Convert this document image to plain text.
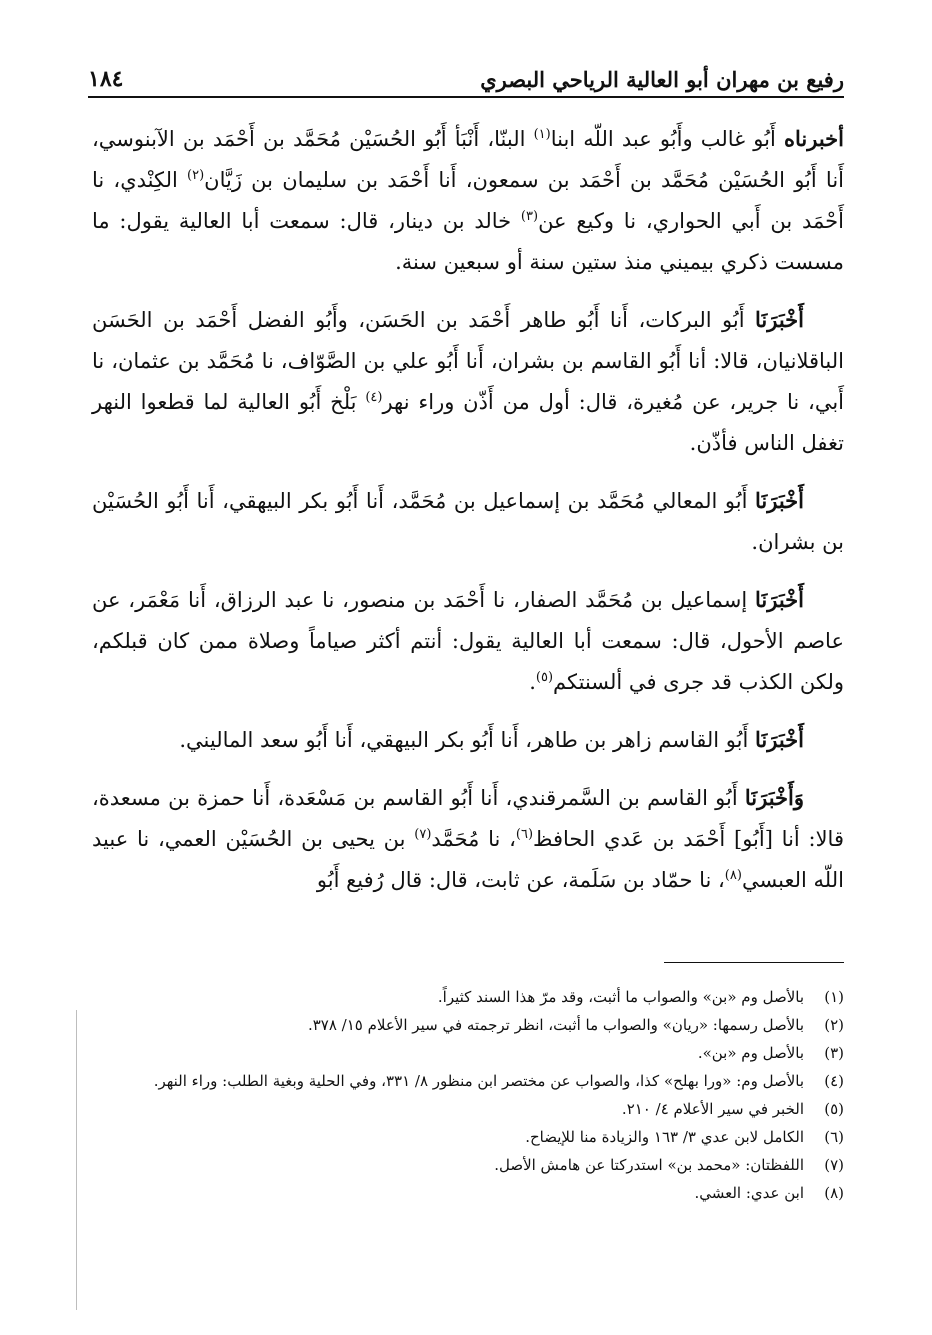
رفيع بن مهران أبو العالية الرياحي البصري
١٨٤

أخبرناه أَبُو غالب وأَبُو عبد اللّه ابنا$^{(١)}$ البنّا، أَنْبَأ أَبُو الحُسَيْن مُحَمَّد بن أَحْمَد بن الآبنوسي، أَنا أَبُو الحُسَيْن مُحَمَّد بن أَحْمَد بن سمعون، أَنا أَحْمَد بن سليمان بن زَيَّان$^{(٢)}$ الكِنْدي، نا أَحْمَد بن أَبي الحواري، نا وكيع عن$^{(٣)}$ خالد بن دينار، قال: سمعت أبا العالية يقول: ما مسست ذكري بيميني منذ ستين سنة أو سبعين سنة.

أَخْبَرَنَا أَبُو البركات، أَنا أَبُو طاهر أَحْمَد بن الحَسَن، وأَبُو الفضل أَحْمَد بن الحَسَن الباقلانيان، قالا: أنا أَبُو القاسم بن بشران، أَنا أَبُو علي بن الصَّوّاف، نا مُحَمَّد بن عثمان، نا أَبي، نا جرير، عن مُغيرة، قال: أول من أَذّن وراء نهر$^{(٤)}$ بَلْخ أَبُو العالية لما قطعوا النهر تغفل الناس فأذّن.

أَخْبَرَنَا أَبُو المعالي مُحَمَّد بن إسماعيل بن مُحَمَّد، أَنا أَبُو بكر البيهقي، أَنا أَبُو الحُسَيْن بن بشران.

أَخْبَرَنَا إسماعيل بن مُحَمَّد الصفار، نا أَحْمَد بن منصور، نا عبد الرزاق، أَنا مَعْمَر، عن عاصم الأحول، قال: سمعت أبا العالية يقول: أنتم أكثر صياماً وصلاة ممن كان قبلكم، ولكن الكذب قد جرى في ألسنتكم$^{(٥)}$.

أَخْبَرَنَا أَبُو القاسم زاهر بن طاهر، أَنا أَبُو بكر البيهقي، أَنا أَبُو سعد الماليني.

وَأَخْبَرَنَا أَبُو القاسم بن السَّمرقندي، أَنا أَبُو القاسم بن مَسْعَدة، أَنا حمزة بن مسعدة، قالا: أنا [أَبُو] أَحْمَد بن عَدي الحافظ$^{(٦)}$، نا مُحَمَّد$^{(٧)}$ بن يحيى بن الحُسَيْن العمي، نا عبيد اللّه العبسي$^{(٨)}$، نا حمّاد بن سَلَمة، عن ثابت، قال: قال رُفيع أَبُو

(١)
بالأصل وم «بن» والصواب ما أثبت، وقد مرّ هذا السند كثيراً.
(٢)
بالأصل رسمها: «ريان» والصواب ما أثبت، انظر ترجمته في سير الأعلام ١٥/ ٣٧٨.
(٣)
بالأصل وم «بن».
(٤)
بالأصل وم: «ورا بهلح» كذا، والصواب عن مختصر ابن منظور ٨/ ٣٣١، وفي الحلية وبغية الطلب: وراء النهر.
(٥)
الخبر في سير الأعلام ٤/ ٢١٠.
(٦)
الكامل لابن عدي ٣/ ١٦٣ والزيادة منا للإيضاح.
(٧)
اللفظتان: «محمد بن» استدركتا عن هامش الأصل.
(٨)
ابن عدي: العشي.
